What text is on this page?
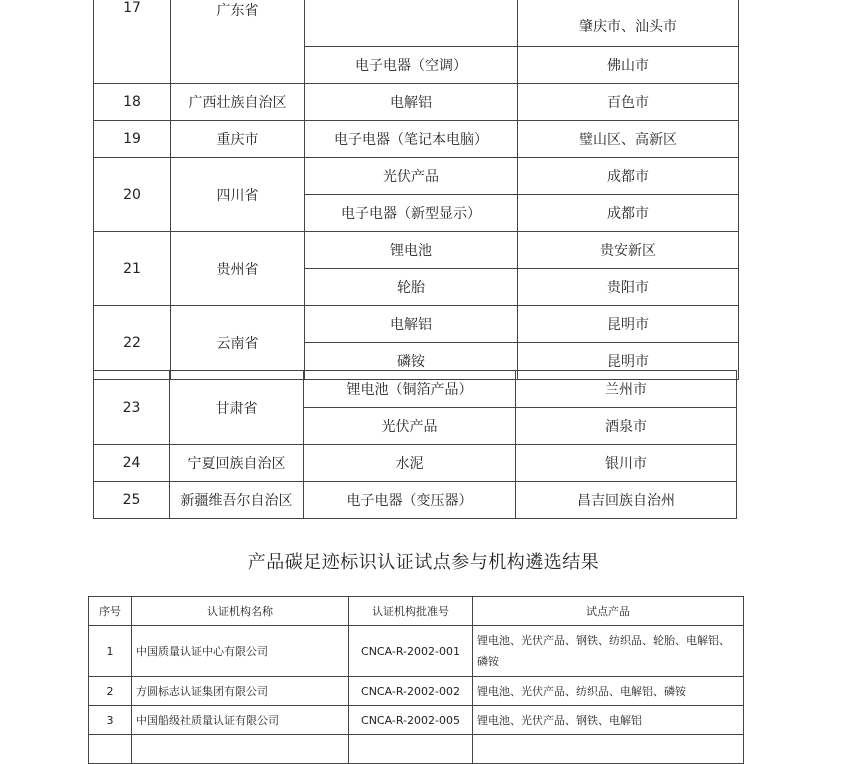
17	广东省		肇庆市、汕头市
		电子电器（空调）	佛山市
18	广西壮族自治区	电解铝	百色市
19	重庆市	电子电器（笔记本电脑）	璧山区、高新区
20	四川省	光伏产品	成都市
		电子电器（新型显示）	成都市
21	贵州省	锂电池	贵安新区
		轮胎	贵阳市
22	云南省	电解铝	昆明市
		磷铵	昆明市
23	甘肃省	锂电池（铜箔产品）	兰州市
		光伏产品	酒泉市
24	宁夏回族自治区	水泥	银川市
25	新疆维吾尔自治区	电子电器（变压器）	昌吉回族自治州
产品碳足迹标识认证试点参与机构遴选结果
序号	认证机构名称	认证机构批准号	试点产品
1	中国质量认证中心有限公司	CNCA-R-2002-001	锂电池、光伏产品、钢铁、纺织品、轮胎、电解铝、磷铵
2	方圆标志认证集团有限公司	CNCA-R-2002-002	锂电池、光伏产品、纺织品、电解铝、磷铵
3	中国船级社质量认证有限公司	CNCA-R-2002-005	锂电池、光伏产品、钢铁、电解铝
